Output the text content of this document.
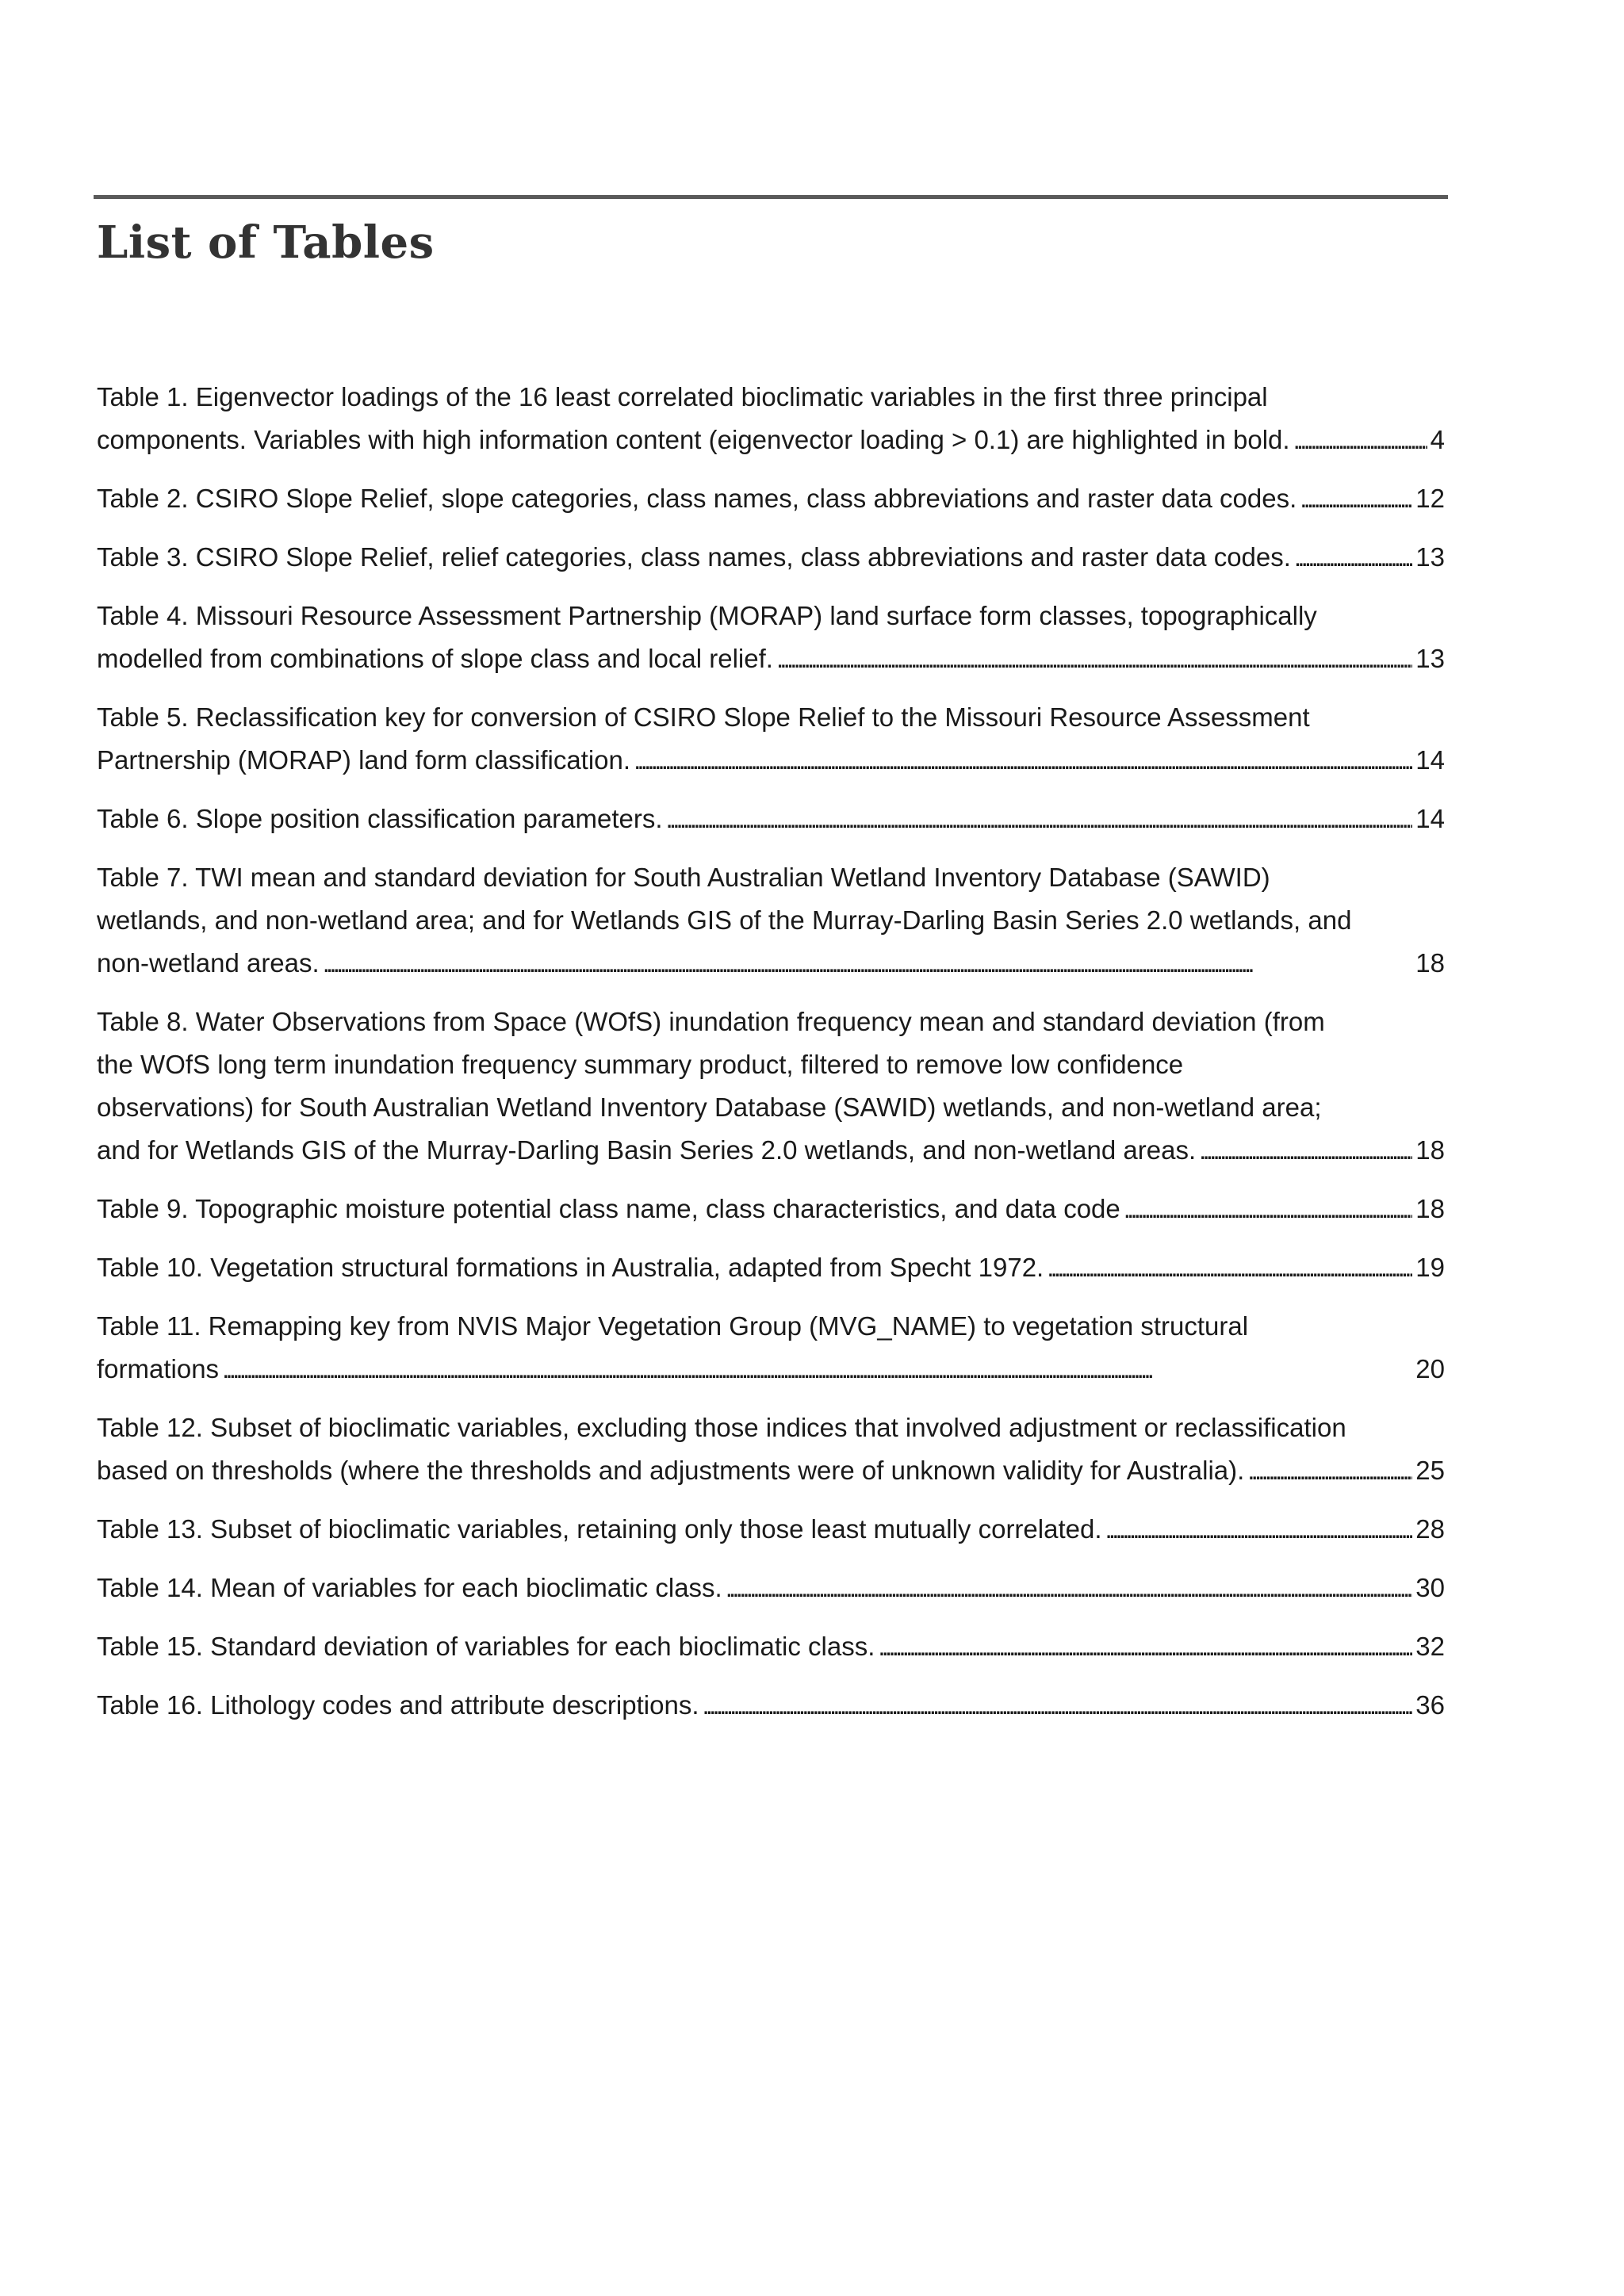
List of Tables
Table 1. Eigenvector loadings of the 16 least correlated bioclimatic variables in the first three principal
components. Variables with high information content (eigenvector loading > 0.1) are highlighted in bold. . . .	4
Table 2. CSIRO Slope Relief, slope categories, class names, class abbreviations and raster data codes. . . .	12
Table 3. CSIRO Slope Relief, relief categories, class names, class abbreviations and raster data codes. . . .	13
Table 4. Missouri Resource Assessment Partnership (MORAP) land surface form classes, topographically
modelled from combinations of slope class and local relief. . . .	13
Table 5. Reclassification key for conversion of CSIRO Slope Relief to the Missouri Resource Assessment
Partnership (MORAP) land form classification. . . .	14
Table 6. Slope position classification parameters. . . .	14
Table 7. TWI mean and standard deviation for South Australian Wetland Inventory Database (SAWID)
wetlands, and non-wetland area; and for Wetlands GIS of the Murray-Darling Basin Series 2.0 wetlands, and
non-wetland areas. . . .	18
Table 8. Water Observations from Space (WOfS) inundation frequency mean and standard deviation (from
the WOfS long term inundation frequency summary product, filtered to remove low confidence
observations) for South Australian Wetland Inventory Database (SAWID) wetlands, and non-wetland area;
and for Wetlands GIS of the Murray-Darling Basin Series 2.0 wetlands, and non-wetland areas. . . .	18
Table 9. Topographic moisture potential class name, class characteristics, and data code . . .	18
Table 10. Vegetation structural formations in Australia, adapted from Specht 1972. . . .	19
Table 11. Remapping key from NVIS Major Vegetation Group (MVG_NAME) to vegetation structural
formations . . .	20
Table 12. Subset of bioclimatic variables, excluding those indices that involved adjustment or reclassification
based on thresholds (where the thresholds and adjustments were of unknown validity for Australia). . . .	25
Table 13. Subset of bioclimatic variables, retaining only those least mutually correlated. . . .	28
Table 14. Mean of variables for each bioclimatic class. . . .	30
Table 15. Standard deviation of variables for each bioclimatic class. . . .	32
Table 16. Lithology codes and attribute descriptions. . . .	36
